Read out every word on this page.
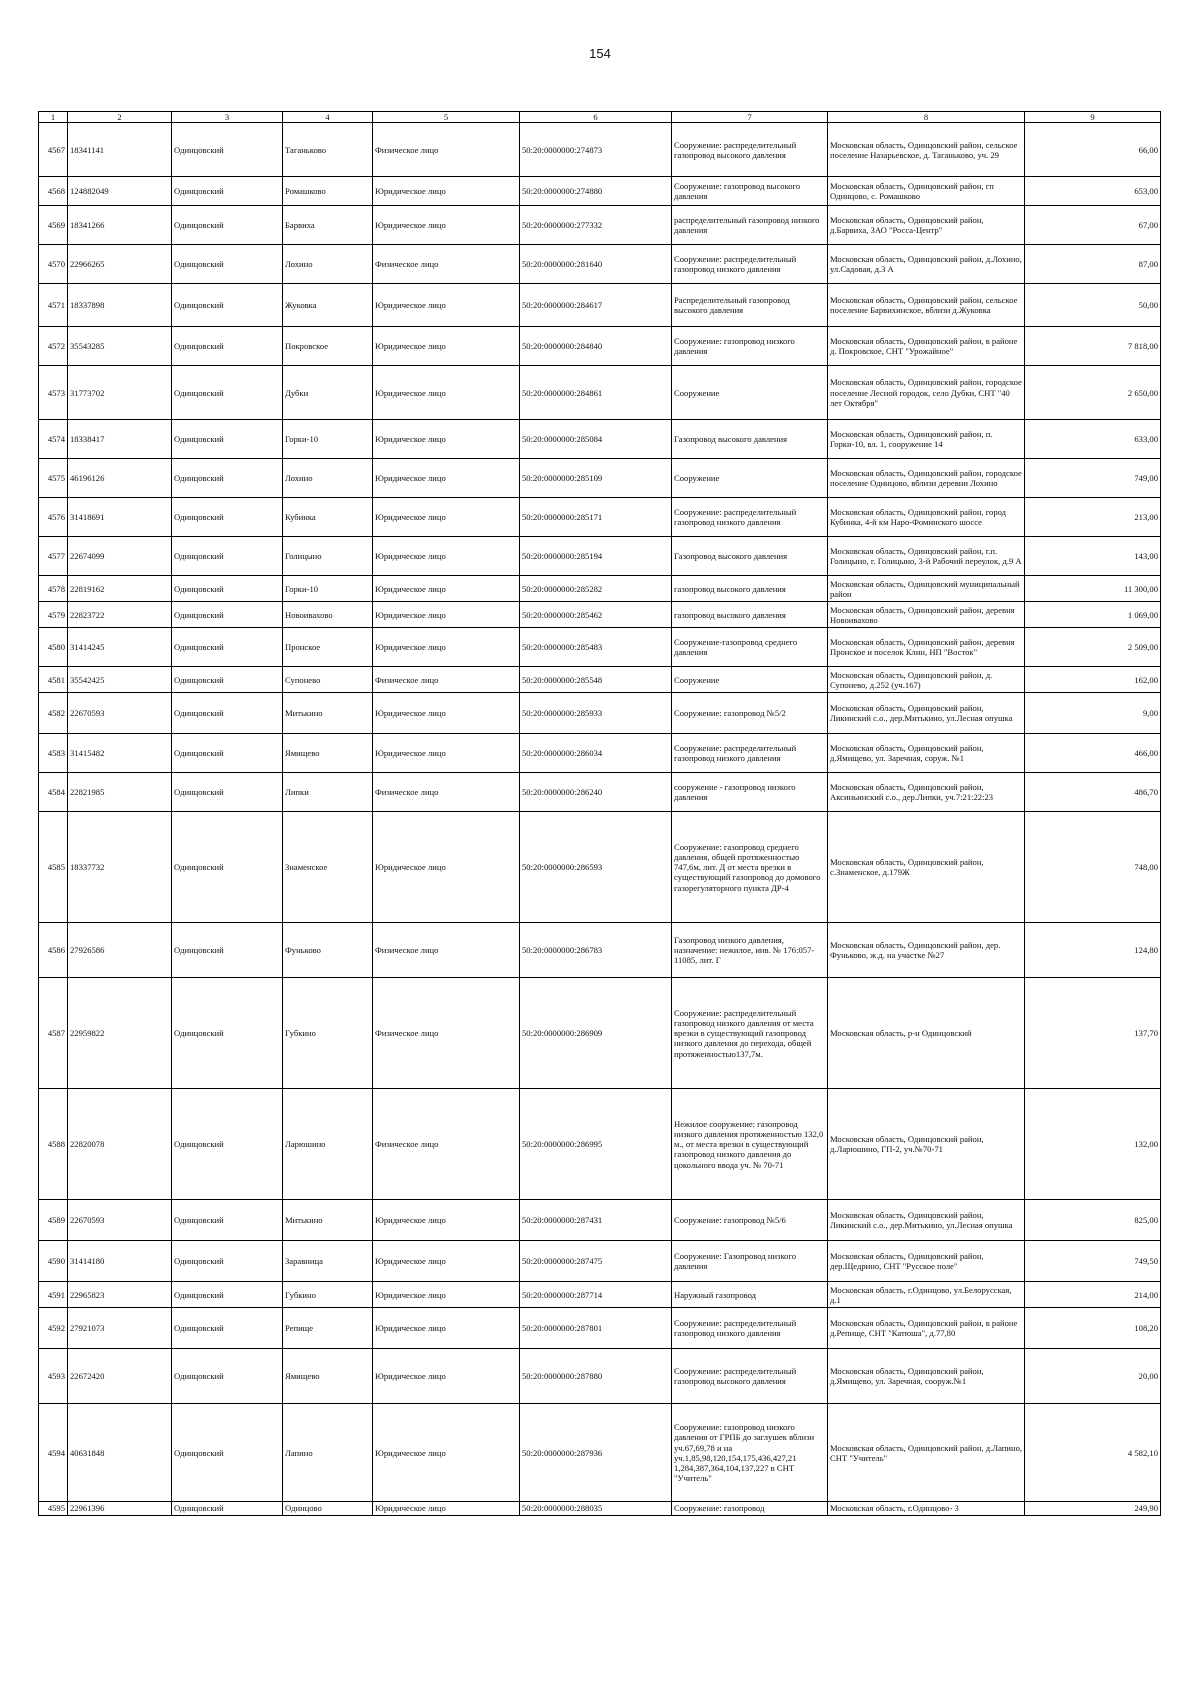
154
1	2	3	4	5	6	7	8	9
4567	18341141	Одинцовский	Таганьково	Физическое лицо	50:20:0000000:274873	Сооружение: распределительный газопровод высокого давления	Московская область, Одинцовский район, сельское поселение Назарьевское, д. Таганьково, уч. 29	66,00
4568	124882049	Одинцовский	Ромашково	Юридическое лицо	50:20:0000000:274880	Сооружение: газопровод высокого давления	Московская область, Одинцовский район, гп Одинцово, с. Ромашково	653,00
4569	18341266	Одинцовский	Барвиха	Юридическое лицо	50:20:0000000:277332	распределительный газопровод низкого давления	Московская область, Одинцовский район, д.Барвиха, ЗАО "Росса-Центр"	67,00
4570	22966265	Одинцовский	Лохино	Физическое лицо	50:20:0000000:281640	Сооружение: распределительный газопровод низкого давления	Московская область, Одинцовский район, д.Лохино, ул.Садовая, д.3 А	87,00
4571	18337898	Одинцовский	Жуковка	Юридическое лицо	50:20:0000000:284617	Распределительный газопровод высокого давления	Московская область, Одинцовский район, сельское поселение Барвихинское, вблизи д.Жуковка	50,00
4572	35543285	Одинцовский	Покровское	Юридическое лицо	50:20:0000000:284840	Сооружение: газопровод низкого давления	Московская область, Одинцовский район, в районе д. Покровское, СНТ "Урожайное"	7 818,00
4573	31773702	Одинцовский	Дубки	Юридическое лицо	50:20:0000000:284861	Сооружение	Московская область, Одинцовский район, городское поселение Лесной городок, село Дубки, СНТ "40 лет Октября"	2 650,00
4574	18338417	Одинцовский	Горки-10	Юридическое лицо	50:20:0000000:285084	Газопровод высокого давления	Московская область, Одинцовский район, п. Горки-10, вл. 1, сооружение 14	633,00
4575	46196126	Одинцовский	Лохино	Юридическое лицо	50:20:0000000:285109	Сооружение	Московская область, Одинцовский район, городское поселение Одинцово, вблизи деревни Лохино	749,00
4576	31418691	Одинцовский	Кубинка	Юридическое лицо	50:20:0000000:285171	Сооружение: распределительный газопровод низкого давления	Московская область, Одинцовский район, город Кубинка, 4-й км Наро-Фоминского шоссе	213,00
4577	22674099	Одинцовский	Голицыно	Юридическое лицо	50:20:0000000:285194	Газопровод высокого давления	Московская область, Одинцовский район, г.п. Голицыно, г. Голицыно, 3-й Рабочий переулок, д.9 А	143,00
4578	22819162	Одинцовский	Горки-10	Юридическое лицо	50:20:0000000:285282	газопровод высокого давления	Московская область, Одинцовский муниципальный район	11 300,00
4579	22823722	Одинцовский	Новоивахово	Юридическое лицо	50:20:0000000:285462	газопровод высокого давления	Московская область, Одинцовский район, деревня Новоивахово	1 069,00
4580	31414245	Одинцовский	Пронское	Юридическое лицо	50:20:0000000:285483	Сооружение-газопровод среднего давления	Московская область, Одинцовский район, деревня Пронское и поселок Клин, НП "Восток"	2 509,00
4581	35542425	Одинцовский	Супонево	Физическое лицо	50:20:0000000:285548	Сооружение	Московская область, Одинцовский район, д. Супонево, д.252 (уч.167)	162,00
4582	22670593	Одинцовский	Митькино	Юридическое лицо	50:20:0000000:285933	Сооружение: газопровод №5/2	Московская область, Одинцовский район, Ликинский с.о., дер.Митькино, ул.Лесная опушка	9,00
4583	31415482	Одинцовский	Ямищево	Юридическое лицо	50:20:0000000:286034	Сооружение: распределительный газопровод низкого давления	Московская область, Одинцовский район, д.Ямищево, ул. Заречная, соруж. №1	466,00
4584	22821985	Одинцовский	Липки	Физическое лицо	50:20:0000000:286240	сооружение - газопровод низкого давления	Московская область, Одинцовский район, Аксиньинский с.о., дер.Липки, уч.7:21:22:23	486,70
4585	18337732	Одинцовский	Знаменское	Юридическое лицо	50:20:0000000:286593	Сооружение: газопровод среднего давления, общей протяженностью 747,6м, лит. Д от места врезки в существующий газопровод до домового газорегуляторного пункта ДР-4	Московская область, Одинцовский район, с.Знаменское, д.179Ж	748,00
4586	27926586	Одинцовский	Фуньково	Физическое лицо	50:20:0000000:286783	Газопровод низкого давления, назначение: нежилое, инв. № 176:057-11085, лит. Г	Московская область, Одинцовский район, дер. Фуньково, ж.д. на участке №27	124,80
4587	22959822	Одинцовский	Губкино	Физическое лицо	50:20:0000000:286909	Сооружение: распределительный газопровод низкого давления от места врезки в существующий газопровод низкого давления до перехода, общей протяженностью137,7м.	Московская область, р-н Одинцовский	137,70
4588	22820078	Одинцовский	Ларюшино	Физическое лицо	50:20:0000000:286995	Нежилое сооружение: газопровод низкого давления протяженностью 132,0 м., от места врезки в существующий газопровод низкого давления до цокольного ввода уч. № 70-71	Московская область, Одинцовский район, д.Ларюшино, ГП-2, уч.№70-71	132,00
4589	22670593	Одинцовский	Митькино	Юридическое лицо	50:20:0000000:287431	Сооружение: газопровод №5/6	Московская область, Одинцовский район, Ликинский с.о., дер.Митькино, ул.Лесная опушка	825,00
4590	31414180	Одинцовский	Заравница	Юридическое лицо	50:20:0000000:287475	Сооружение: Газопровод низкого давления	Московская область, Одинцовский район, дер.Щедрино, СНТ "Русское поле"	749,50
4591	22965823	Одинцовский	Губкино	Юридическое лицо	50:20:0000000:287714	Наружный газопровод	Московская область, г.Одинцово, ул.Белорусская, д.1	214,00
4592	27921073	Одинцовский	Репище	Юридическое лицо	50:20:0000000:287801	Сооружение: распределительный газопровод низкого давления	Московская область, Одинцовский район, в районе д.Репище, СНТ "Катюша", д.77,80	108,20
4593	22672420	Одинцовский	Ямищево	Юридическое лицо	50:20:0000000:287880	Сооружение: распределительный газопровод высокого давления	Московская область, Одинцовский район, д.Ямищево, ул. Заречная, сооруж.№1	20,00
4594	40631848	Одинцовский	Лапино	Юридическое лицо	50:20:0000000:287936	Сооружение: газопровод низкого давления от ГРПБ до заглушек вблизи уч.67,69,78 и на уч.1,85,98,120,154,175,436,427,21 1,284,387,364,104,137,227 в СНТ "Учитель"	Московская область, Одинцовский район, д.Лапино, СНТ "Учитель"	4 582,10
4595	22961396	Одинцовский	Одинцово	Юридическое лицо	50:20:0000000:288035	Сооружение: газопровод	Московская область, г.Одинцово- 3	249,90
